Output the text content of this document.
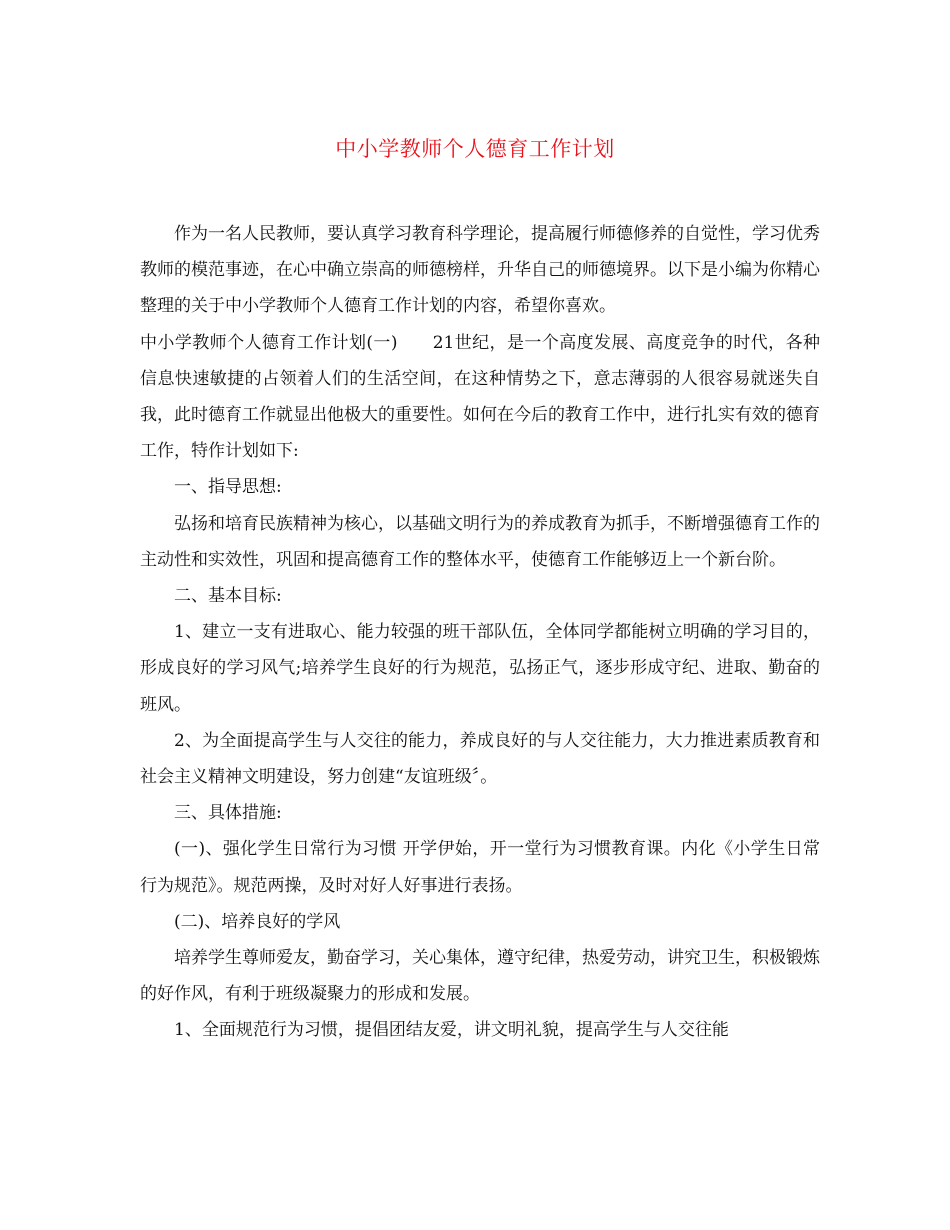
中小学教师个人德育工作计划

作为一名人民教师，要认真学习教育科学理论，提高履行师德修养的自觉性，学习优秀教师的模范事迹，在心中确立崇高的师德榜样，升华自己的师德境界。以下是小编为你精心整理的关于中小学教师个人德育工作计划的内容，希望你喜欢。

中小学教师个人德育工作计划(一)　　21世纪，是一个高度发展、高度竞争的时代，各种信息快速敏捷的占领着人们的生活空间，在这种情势之下，意志薄弱的人很容易就迷失自我，此时德育工作就显出他极大的重要性。如何在今后的教育工作中，进行扎实有效的德育工作，特作计划如下:

一、指导思想:

弘扬和培育民族精神为核心，以基础文明行为的养成教育为抓手，不断增强德育工作的主动性和实效性，巩固和提高德育工作的整体水平，使德育工作能够迈上一个新台阶。

二、基本目标:

1、建立一支有进取心、能力较强的班干部队伍，全体同学都能树立明确的学习目的，形成良好的学习风气;培养学生良好的行为规范，弘扬正气，逐步形成守纪、进取、勤奋的班风。

2、为全面提高学生与人交往的能力，养成良好的与人交往能力，大力推进素质教育和社会主义精神文明建设，努力创建“友谊班级〞。

三、具体措施:

(一)、强化学生日常行为习惯 开学伊始，开一堂行为习惯教育课。内化《小学生日常行为规范》。规范两操，及时对好人好事进行表扬。

(二)、培养良好的学风

培养学生尊师爱友，勤奋学习，关心集体，遵守纪律，热爱劳动，讲究卫生，积极锻炼的好作风，有利于班级凝聚力的形成和发展。

1、全面规范行为习惯，提倡团结友爱，讲文明礼貌，提高学生与人交往能
